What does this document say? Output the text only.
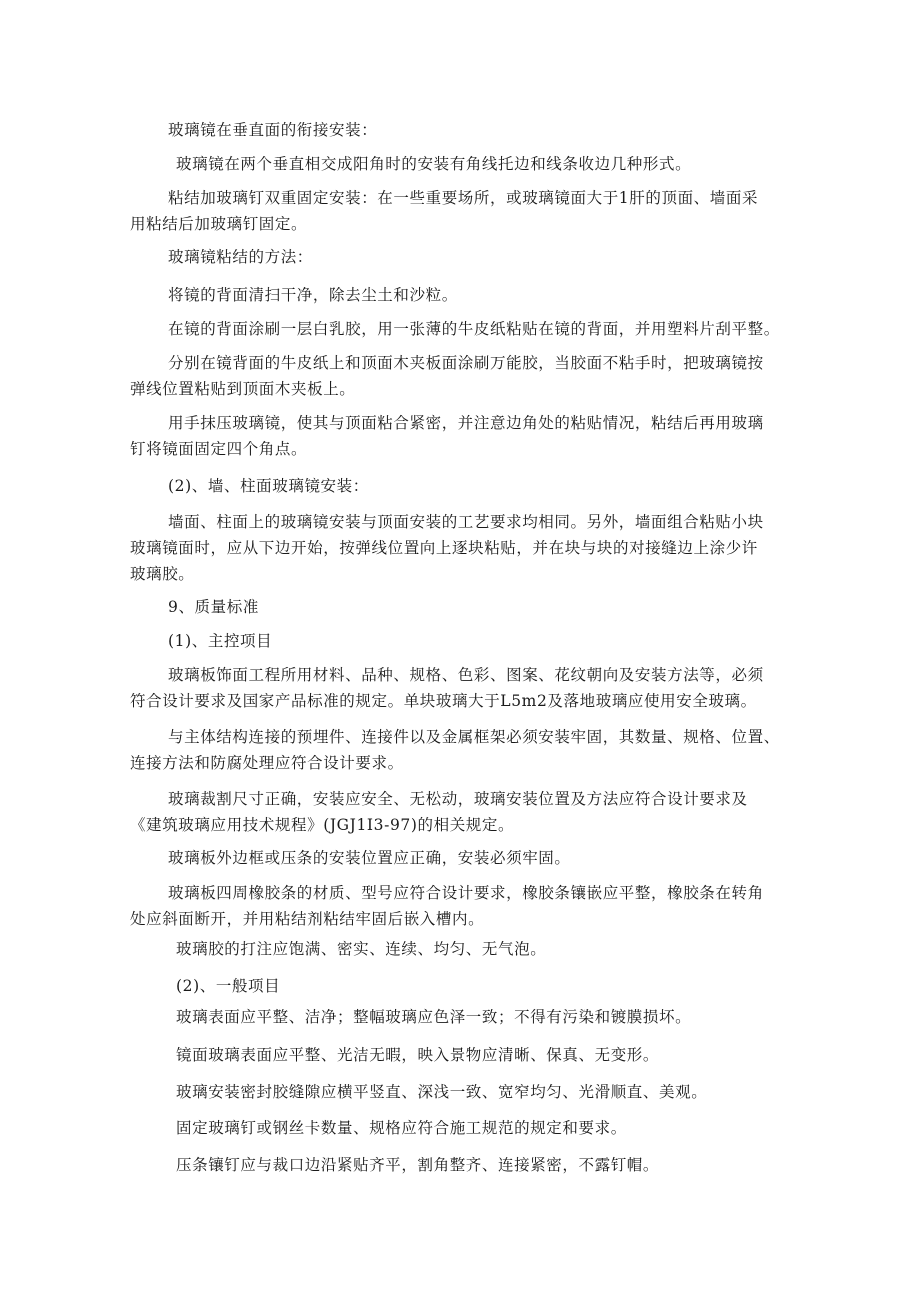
玻璃镜在垂直面的衔接安装：

玻璃镜在两个垂直相交成阳角时的安装有角线托边和线条收边几种形式。

粘结加玻璃钉双重固定安装：在一些重要场所，或玻璃镜面大于1肝的顶面、墙面采
用粘结后加玻璃钉固定。

玻璃镜粘结的方法：

将镜的背面清扫干净，除去尘土和沙粒。

在镜的背面涂刷一层白乳胶，用一张薄的牛皮纸粘贴在镜的背面，并用塑料片刮平整。

分别在镜背面的牛皮纸上和顶面木夹板面涂刷万能胶，当胶面不粘手时，把玻璃镜按
弹线位置粘贴到顶面木夹板上。

用手抹压玻璃镜，使其与顶面粘合紧密，并注意边角处的粘贴情况，粘结后再用玻璃
钉将镜面固定四个角点。

(2)、墙、柱面玻璃镜安装：

墙面、柱面上的玻璃镜安装与顶面安装的工艺要求均相同。另外，墙面组合粘贴小块
玻璃镜面时，应从下边开始，按弹线位置向上逐块粘贴，并在块与块的对接缝边上涂少许
玻璃胶。

9、质量标准

(1)、主控项目

玻璃板饰面工程所用材料、品种、规格、色彩、图案、花纹朝向及安装方法等，必须
符合设计要求及国家产品标准的规定。单块玻璃大于L5m2及落地玻璃应使用安全玻璃。

与主体结构连接的预埋件、连接件以及金属框架必须安装牢固，其数量、规格、位置、
连接方法和防腐处理应符合设计要求。

玻璃裁割尺寸正确，安装应安全、无松动，玻璃安装位置及方法应符合设计要求及
《建筑玻璃应用技术规程》(JGJ1I3-97)的相关规定。

玻璃板外边框或压条的安装位置应正确，安装必须牢固。

玻璃板四周橡胶条的材质、型号应符合设计要求，橡胶条镶嵌应平整，橡胶条在转角
处应斜面断开，并用粘结剂粘结牢固后嵌入槽内。

玻璃胶的打注应饱满、密实、连续、均匀、无气泡。

(2)、一般项目

玻璃表面应平整、洁净；整幅玻璃应色泽一致；不得有污染和镀膜损坏。

镜面玻璃表面应平整、光洁无暇，映入景物应清晰、保真、无变形。

玻璃安装密封胶缝隙应横平竖直、深浅一致、宽窄均匀、光滑顺直、美观。

固定玻璃钉或钢丝卡数量、规格应符合施工规范的规定和要求。

压条镶钉应与裁口边沿紧贴齐平，割角整齐、连接紧密，不露钉帽。
